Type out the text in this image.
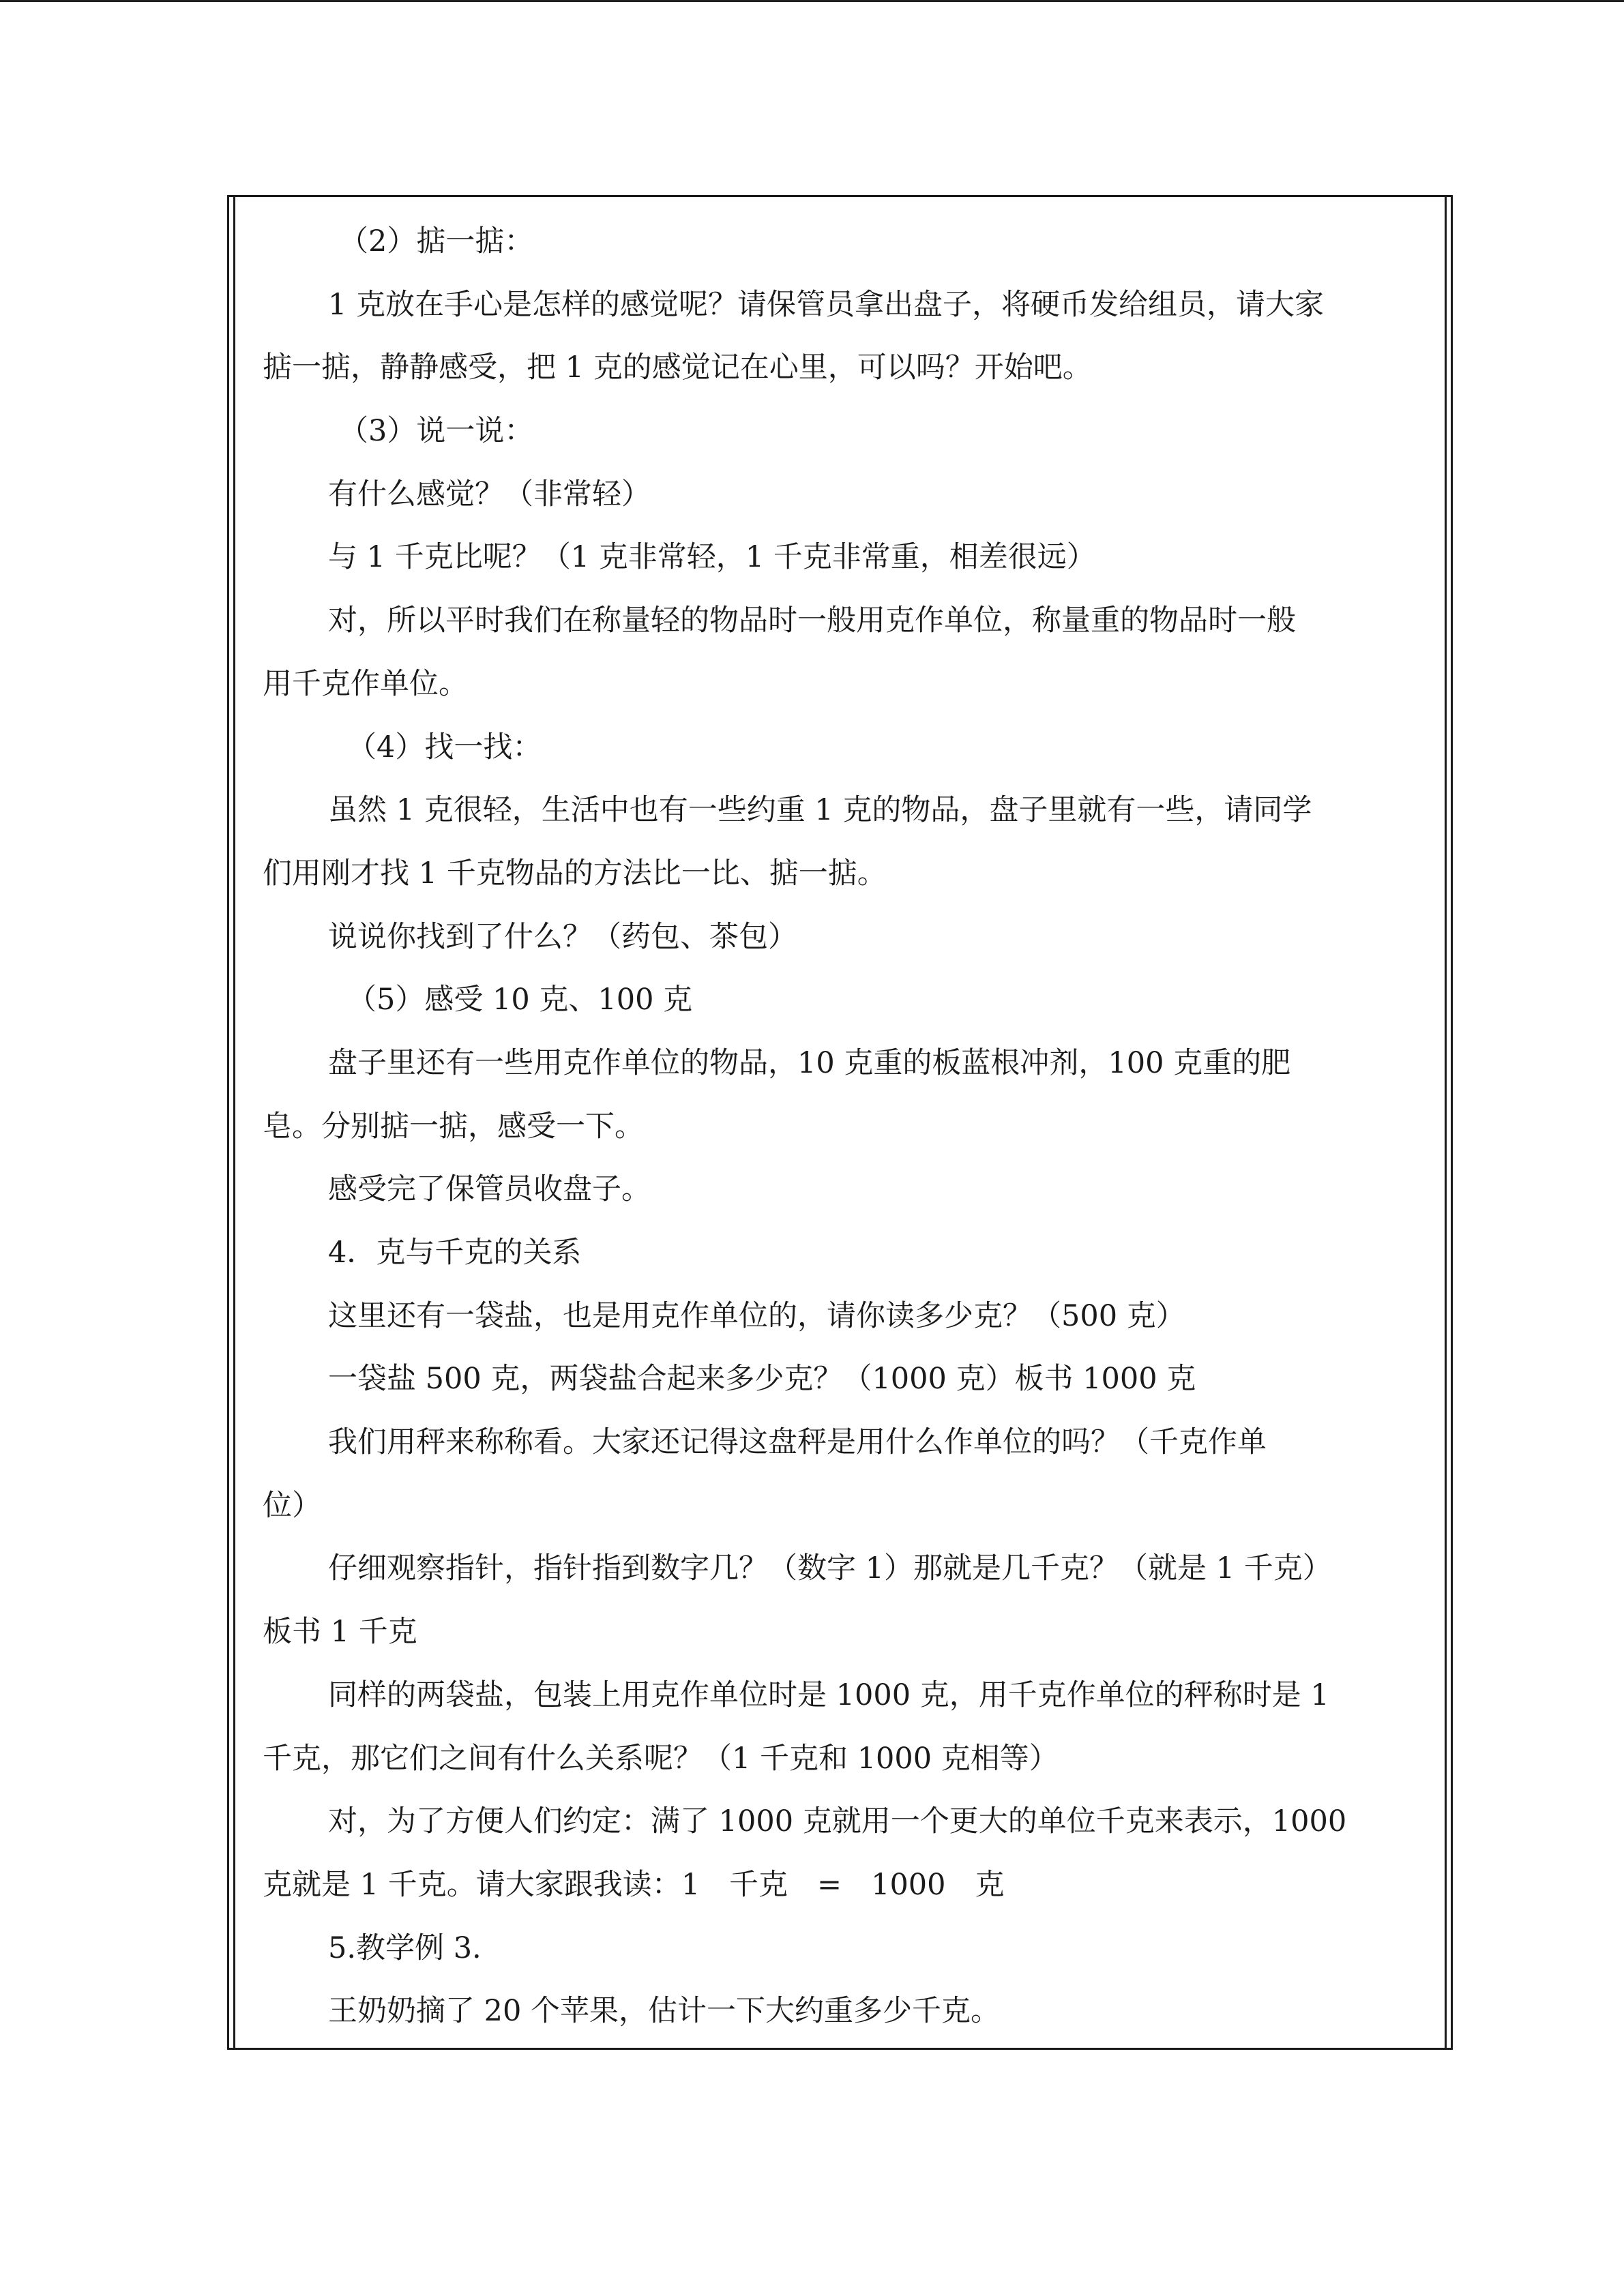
（2）掂一掂：
1 克放在手心是怎样的感觉呢？请保管员拿出盘子，将硬币发给组员，请大家
掂一掂，静静感受，把 1 克的感觉记在心里，可以吗？开始吧。
（3）说一说：
有什么感觉？（非常轻）
与 1 千克比呢？（1 克非常轻，1 千克非常重，相差很远）
对，所以平时我们在称量轻的物品时一般用克作单位，称量重的物品时一般
用千克作单位。
（4）找一找：
虽然 1 克很轻，生活中也有一些约重 1 克的物品，盘子里就有一些，请同学
们用刚才找 1 千克物品的方法比一比、掂一掂。
说说你找到了什么？（药包、茶包）
（5）感受 10 克、100 克
盘子里还有一些用克作单位的物品，10 克重的板蓝根冲剂，100 克重的肥
皂。分别掂一掂，感受一下。
感受完了保管员收盘子。
4．克与千克的关系
这里还有一袋盐，也是用克作单位的，请你读多少克？（500 克）
一袋盐 500 克，两袋盐合起来多少克？（1000 克）板书 1000 克
我们用秤来称称看。大家还记得这盘秤是用什么作单位的吗？（千克作单
位）
仔细观察指针，指针指到数字几？（数字 1）那就是几千克？（就是 1 千克）
板书 1 千克
同样的两袋盐，包装上用克作单位时是 1000 克，用千克作单位的秤称时是 1
千克，那它们之间有什么关系呢？（1 千克和 1000 克相等）
对，为了方便人们约定：满了 1000 克就用一个更大的单位千克来表示，1000
克就是 1 千克。请大家跟我读：1　千克　=　1000　克
5.教学例 3.
王奶奶摘了 20 个苹果，估计一下大约重多少千克。
